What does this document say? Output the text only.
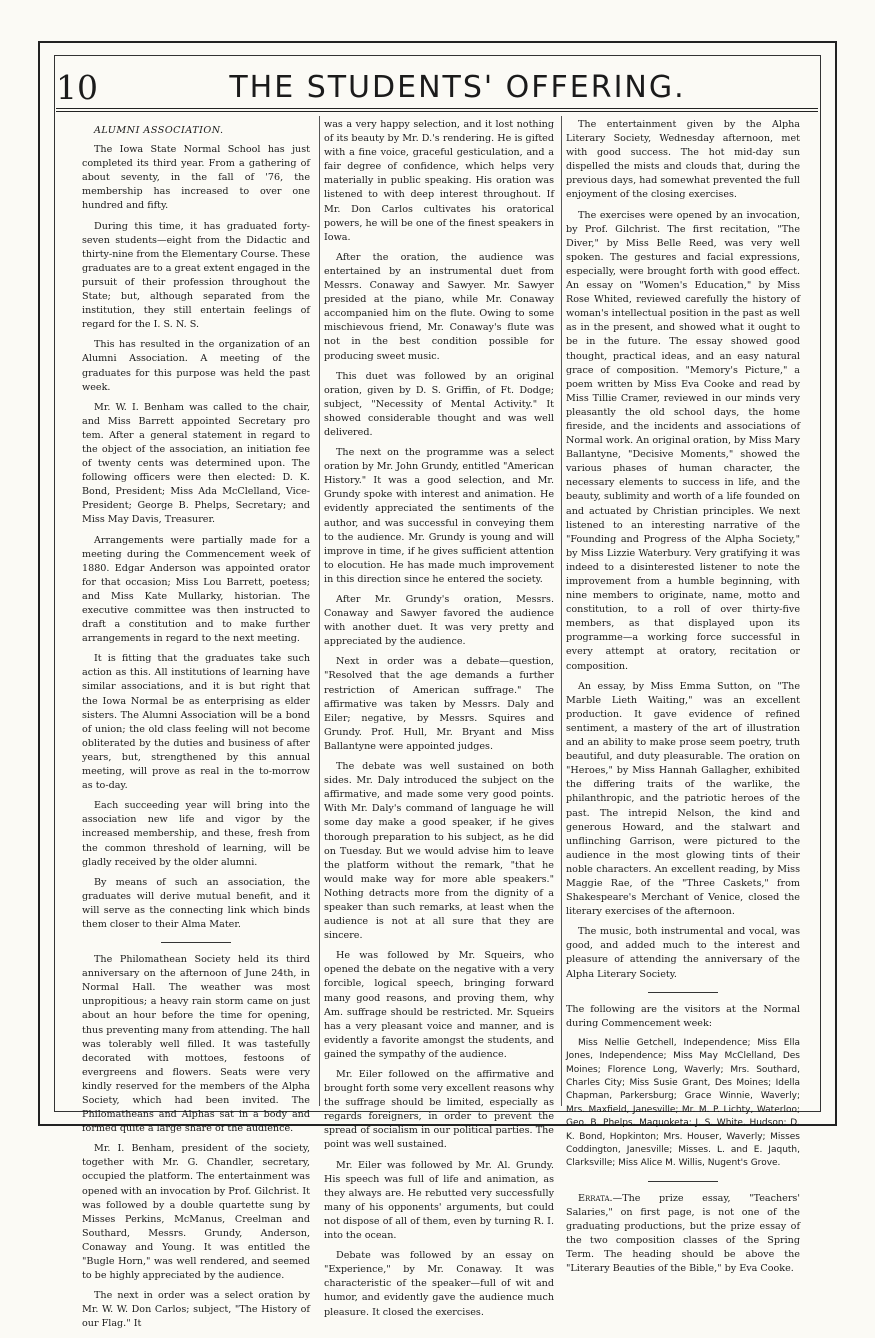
10	THE STUDENTS' OFFERING.
ALUMNI ASSOCIATION.

The Iowa State Normal School has just completed its third year. From a gathering of about seventy, in the fall of '76, the membership has increased to over one hundred and fifty.

During this time, it has graduated forty-seven students—eight from the Didactic and thirty-nine from the Elementary Course. These graduates are to a great extent engaged in the pursuit of their profession throughout the State; but, although separated from the institution, they still entertain feelings of regard for the I. S. N. S.

This has resulted in the organization of an Alumni Association. A meeting of the graduates for this purpose was held the past week.

Mr. W. I. Benham was called to the chair, and Miss Barrett appointed Secretary pro tem. After a general statement in regard to the object of the association, an initiation fee of twenty cents was determined upon. The following officers were then elected: D. K. Bond, President; Miss Ada McClelland, Vice-President; George B. Phelps, Secretary; and Miss May Davis, Treasurer.

Arrangements were partially made for a meeting during the Commencement week of 1880. Edgar Anderson was appointed orator for that occasion; Miss Lou Barrett, poetess; and Miss Kate Mullarky, historian. The executive committee was then instructed to draft a constitution and to make further arrangements in regard to the next meeting.

It is fitting that the graduates take such action as this. All institutions of learning have similar associations, and it is but right that the Iowa Normal be as enterprising as elder sisters. The Alumni Association will be a bond of union; the old class feeling will not become obliterated by the duties and business of after years, but, strengthened by this annual meeting, will prove as real in the to-morrow as to-day.

Each succeeding year will bring into the association new life and vigor by the increased membership, and these, fresh from the common threshold of learning, will be gladly received by the older alumni.

By means of such an association, the graduates will derive mutual benefit, and it will serve as the connecting link which binds them closer to their Alma Mater.

The Philomathean Society held its third anniversary on the afternoon of June 24th, in Normal Hall. The weather was most unpropitious; a heavy rain storm came on just about an hour before the time for opening, thus preventing many from attending. The hall was tolerably well filled. It was tastefully decorated with mottoes, festoons of evergreens and flowers. Seats were very kindly reserved for the members of the Alpha Society, which had been invited. The Philomatheans and Alphas sat in a body and formed quite a large share of the audience.

Mr. I. Benham, president of the society, together with Mr. G. Chandler, secretary, occupied the platform. The entertainment was opened with an invocation by Prof. Gilchrist. It was followed by a double quartette sung by Misses Perkins, McManus, Creelman and Southard, Messrs. Grundy, Anderson, Conaway and Young. It was entitled the "Bugle Horn," was well rendered, and seemed to be highly appreciated by the audience.

The next in order was a select oration by Mr. W. W. Don Carlos; subject, "The History of our Flag." It

was a very happy selection, and it lost nothing of its beauty by Mr. D.'s rendering. He is gifted with a fine voice, graceful gesticulation, and a fair degree of confidence, which helps very materially in public speaking. His oration was listened to with deep interest throughout. If Mr. Don Carlos cultivates his oratorical powers, he will be one of the finest speakers in Iowa.

After the oration, the audience was entertained by an instrumental duet from Messrs. Conaway and Sawyer. Mr. Sawyer presided at the piano, while Mr. Conaway accompanied him on the flute. Owing to some mischievous friend, Mr. Conaway's flute was not in the best condition possible for producing sweet music.

This duet was followed by an original oration, given by D. S. Griffin, of Ft. Dodge; subject, "Necessity of Mental Activity." It showed considerable thought and was well delivered.

The next on the programme was a select oration by Mr. John Grundy, entitled "American History." It was a good selection, and Mr. Grundy spoke with interest and animation. He evidently appreciated the sentiments of the author, and was successful in conveying them to the audience. Mr. Grundy is young and will improve in time, if he gives sufficient attention to elocution. He has made much improvement in this direction since he entered the society.

After Mr. Grundy's oration, Messrs. Conaway and Sawyer favored the audience with another duet. It was very pretty and appreciated by the audience.

Next in order was a debate—question, "Resolved that the age demands a further restriction of American suffrage." The affirmative was taken by Messrs. Daly and Eiler; negative, by Messrs. Squires and Grundy. Prof. Hull, Mr. Bryant and Miss Ballantyne were appointed judges.

The debate was well sustained on both sides. Mr. Daly introduced the subject on the affirmative, and made some very good points. With Mr. Daly's command of language he will some day make a good speaker, if he gives thorough preparation to his subject, as he did on Tuesday. But we would advise him to leave the platform without the remark, "that he would make way for more able speakers." Nothing detracts more from the dignity of a speaker than such remarks, at least when the audience is not at all sure that they are sincere.

He was followed by Mr. Squeirs, who opened the debate on the negative with a very forcible, logical speech, bringing forward many good reasons, and proving them, why Am. suffrage should be restricted. Mr. Squeirs has a very pleasant voice and manner, and is evidently a favorite amongst the students, and gained the sympathy of the audience.

Mr. Eiler followed on the affirmative and brought forth some very excellent reasons why the suffrage should be limited, especially as regards foreigners, in order to prevent the spread of socialism in our political parties. The point was well sustained.

Mr. Eiler was followed by Mr. Al. Grundy. His speech was full of life and animation, as they always are. He rebutted very successfully many of his opponents' arguments, but could not dispose of all of them, even by turning R. I. into the ocean.

Debate was followed by an essay on "Experience," by Mr. Conaway. It was characteristic of the speaker—full of wit and humor, and evidently gave the audience much pleasure. It closed the exercises.

The entertainment given by the Alpha Literary Society, Wednesday afternoon, met with good success. The hot mid-day sun dispelled the mists and clouds that, during the previous days, had somewhat prevented the full enjoyment of the closing exercises.

The exercises were opened by an invocation, by Prof. Gilchrist. The first recitation, "The Diver," by Miss Belle Reed, was very well spoken. The gestures and facial expressions, especially, were brought forth with good effect. An essay on "Women's Education," by Miss Rose Whited, reviewed carefully the history of woman's intellectual position in the past as well as in the present, and showed what it ought to be in the future. The essay showed good thought, practical ideas, and an easy natural grace of composition. "Memory's Picture," a poem written by Miss Eva Cooke and read by Miss Tillie Cramer, reviewed in our minds very pleasantly the old school days, the home fireside, and the incidents and associations of Normal work. An original oration, by Miss Mary Ballantyne, "Decisive Moments," showed the various phases of human character, the necessary elements to success in life, and the beauty, sublimity and worth of a life founded on and actuated by Christian principles. We next listened to an interesting narrative of the "Founding and Progress of the Alpha Society," by Miss Lizzie Waterbury. Very gratifying it was indeed to a disinterested listener to note the improvement from a humble beginning, with nine members to originate, name, motto and constitution, to a roll of over thirty-five members, as that displayed upon its programme—a working force successful in every attempt at oratory, recitation or composition.

An essay, by Miss Emma Sutton, on "The Marble Lieth Waiting," was an excellent production. It gave evidence of refined sentiment, a mastery of the art of illustration and an ability to make prose seem poetry, truth beautiful, and duty pleasurable. The oration on "Heroes," by Miss Hannah Gallagher, exhibited the differing traits of the warlike, the philanthropic, and the patriotic heroes of the past. The intrepid Nelson, the kind and generous Howard, and the stalwart and unflinching Garrison, were pictured to the audience in the most glowing tints of their noble characters. An excellent reading, by Miss Maggie Rae, of the "Three Caskets," from Shakespeare's Merchant of Venice, closed the literary exercises of the afternoon.

The music, both instrumental and vocal, was good, and added much to the interest and pleasure of attending the anniversary of the Alpha Literary Society.

The following are the visitors at the Normal during Commencement week:

Miss Nellie Getchell, Independence; Miss Ella Jones, Independence; Miss May McClelland, Des Moines; Florence Long, Waverly; Mrs. Southard, Charles City; Miss Susie Grant, Des Moines; Idella Chapman, Parkersburg; Grace Winnie, Waverly; Mrs. Maxfield, Janesville; Mr. M. P. Lichty, Waterloo; Geo. B. Phelps, Maquoketa; J. S. White, Hudson; D. K. Bond, Hopkinton; Mrs. Houser, Waverly; Misses Coddington, Janesville; Misses. L. and E. Jaquth, Clarksville; Miss Alice M. Willis, Nugent's Grove.

Errata.—The prize essay, "Teachers' Salaries," on first page, is not one of the graduating productions, but the prize essay of the two composition classes of the Spring Term. The heading should be above the "Literary Beauties of the Bible," by Eva Cooke.
